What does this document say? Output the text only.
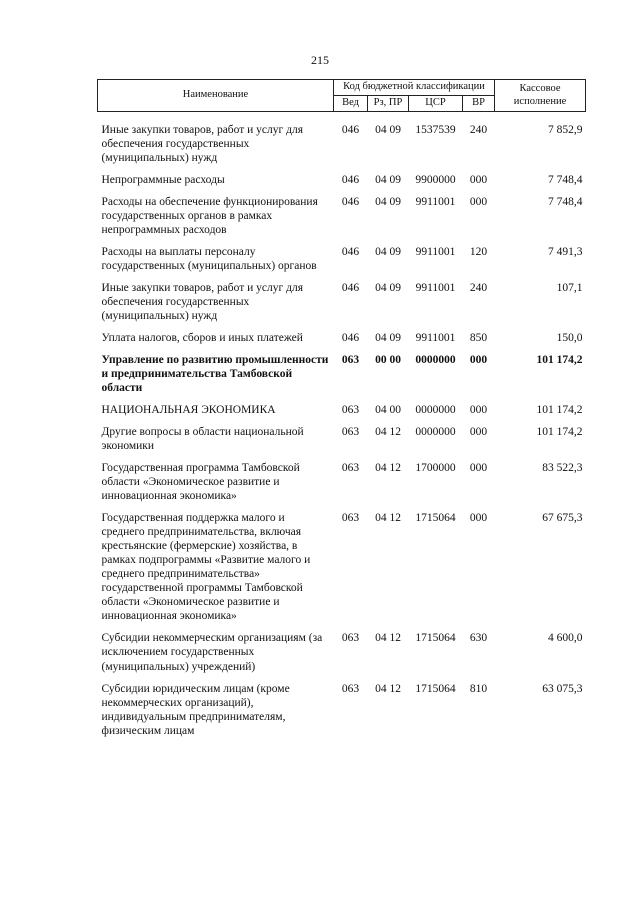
215
Наименование	Код бюджетной классификации				Кассовое исполнение
	Вед	Рз, ПР	ЦСР	ВР	

Иные закупки товаров, работ и услуг для обеспечения государственных (муниципальных) нужд	046	04 09	1537539	240	7 852,9
Непрограммные расходы	046	04 09	9900000	000	7 748,4
Расходы на обеспечение функционирования государственных органов в рамках непрограммных расходов	046	04 09	9911001	000	7 748,4
Расходы на выплаты персоналу государственных (муниципальных) органов	046	04 09	9911001	120	7 491,3
Иные закупки товаров, работ и услуг для обеспечения государственных (муниципальных) нужд	046	04 09	9911001	240	107,1
Уплата налогов, сборов и иных платежей	046	04 09	9911001	850	150,0
Управление по развитию промышленности и предпринимательства Тамбовской области	063	00 00	0000000	000	101 174,2
НАЦИОНАЛЬНАЯ ЭКОНОМИКА	063	04 00	0000000	000	101 174,2
Другие вопросы в области национальной экономики	063	04 12	0000000	000	101 174,2
Государственная программа Тамбовской области «Экономическое развитие и инновационная экономика»	063	04 12	1700000	000	83 522,3
Государственная поддержка малого и среднего предпринимательства, включая крестьянские (фермерские) хозяйства, в рамках подпрограммы «Развитие малого и среднего предпринимательства» государственной программы Тамбовской области «Экономическое развитие и инновационная экономика»	063	04 12	1715064	000	67 675,3
Субсидии некоммерческим организациям (за исключением государственных (муниципальных) учреждений)	063	04 12	1715064	630	4 600,0
Субсидии юридическим лицам (кроме некоммерческих организаций), индивидуальным предпринимателям, физическим лицам	063	04 12	1715064	810	63 075,3
